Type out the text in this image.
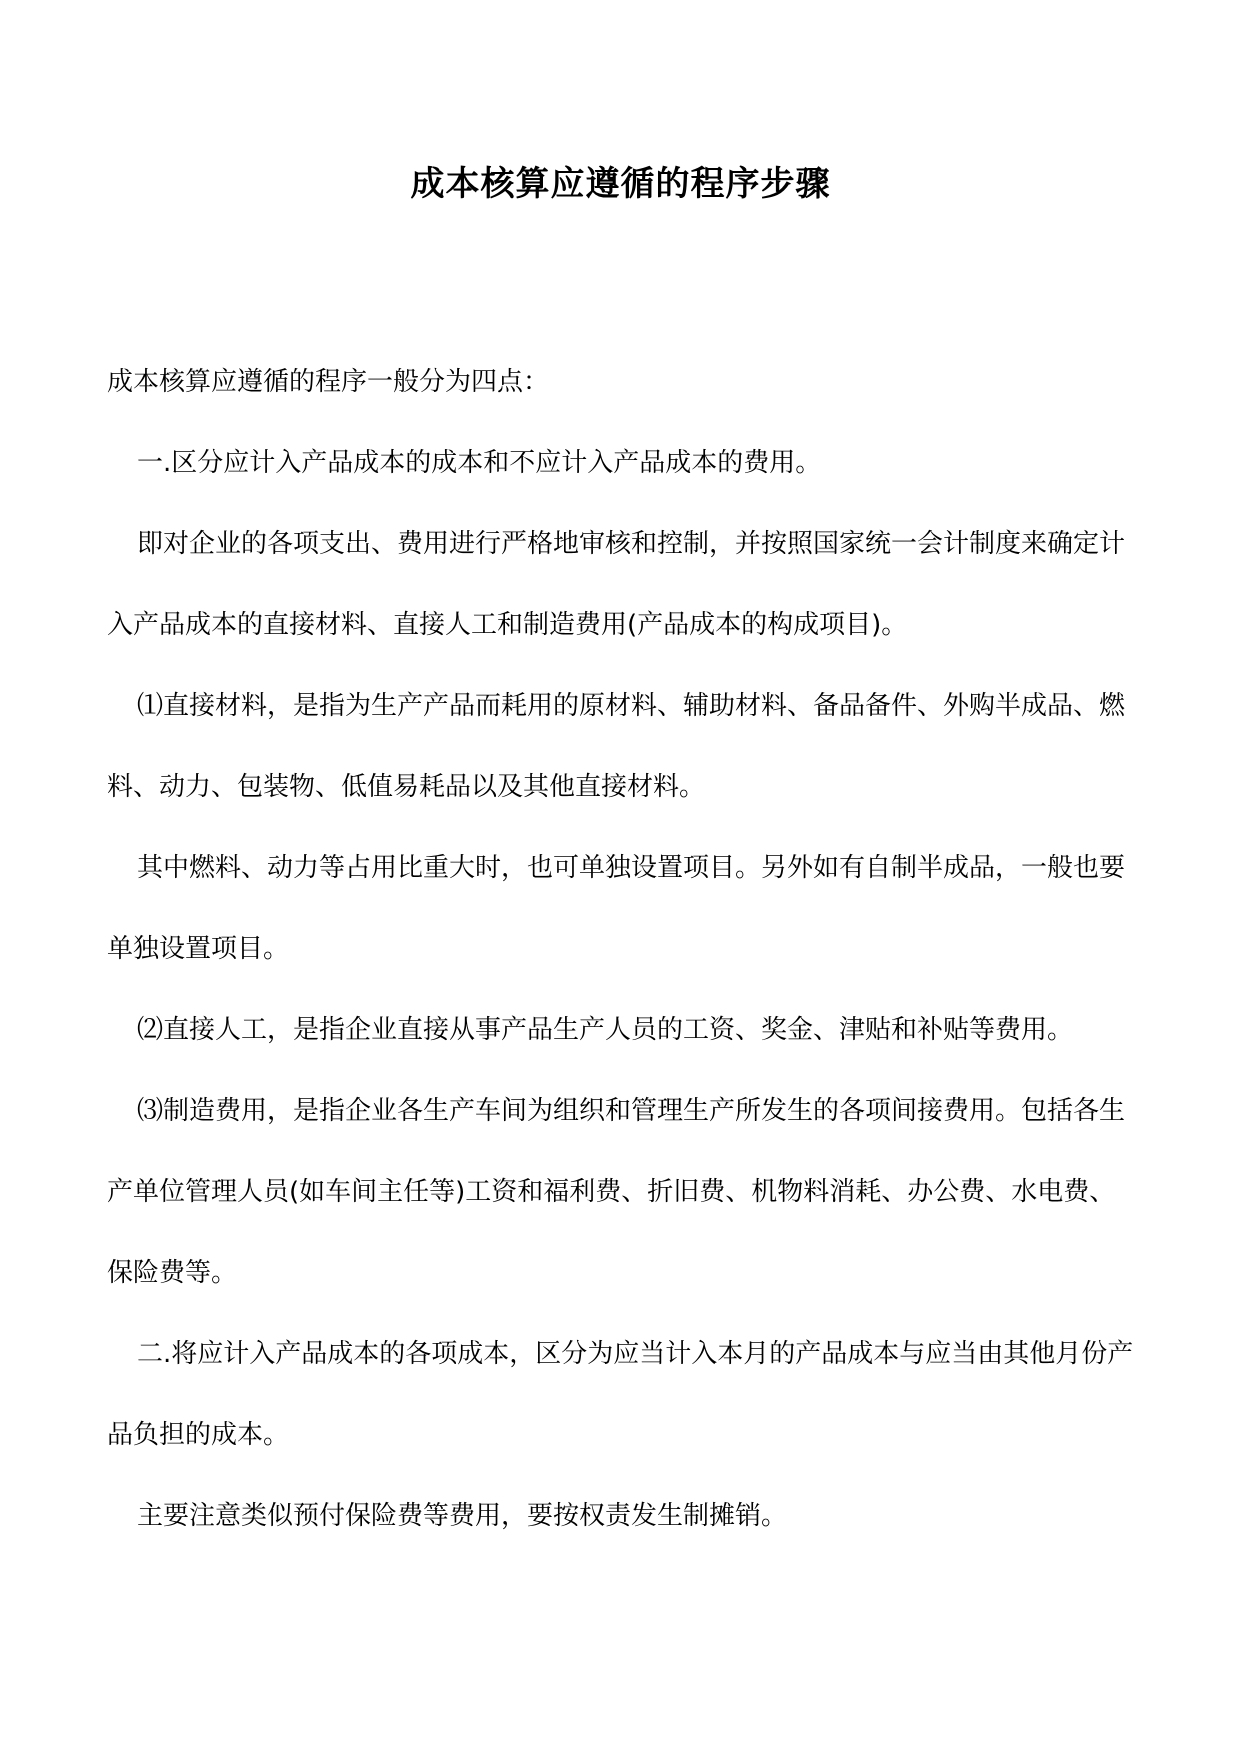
成本核算应遵循的程序步骤

成本核算应遵循的程序一般分为四点：

一.区分应计入产品成本的成本和不应计入产品成本的费用。

即对企业的各项支出、费用进行严格地审核和控制，并按照国家统一会计制度来确定计入产品成本的直接材料、直接人工和制造费用(产品成本的构成项目)。

⑴直接材料，是指为生产产品而耗用的原材料、辅助材料、备品备件、外购半成品、燃料、动力、包装物、低值易耗品以及其他直接材料。

其中燃料、动力等占用比重大时，也可单独设置项目。另外如有自制半成品，一般也要单独设置项目。

⑵直接人工，是指企业直接从事产品生产人员的工资、奖金、津贴和补贴等费用。

⑶制造费用，是指企业各生产车间为组织和管理生产所发生的各项间接费用。包括各生产单位管理人员(如车间主任等)工资和福利费、折旧费、机物料消耗、办公费、水电费、保险费等。

二.将应计入产品成本的各项成本，区分为应当计入本月的产品成本与应当由其他月份产品负担的成本。

主要注意类似预付保险费等费用，要按权责发生制摊销。
